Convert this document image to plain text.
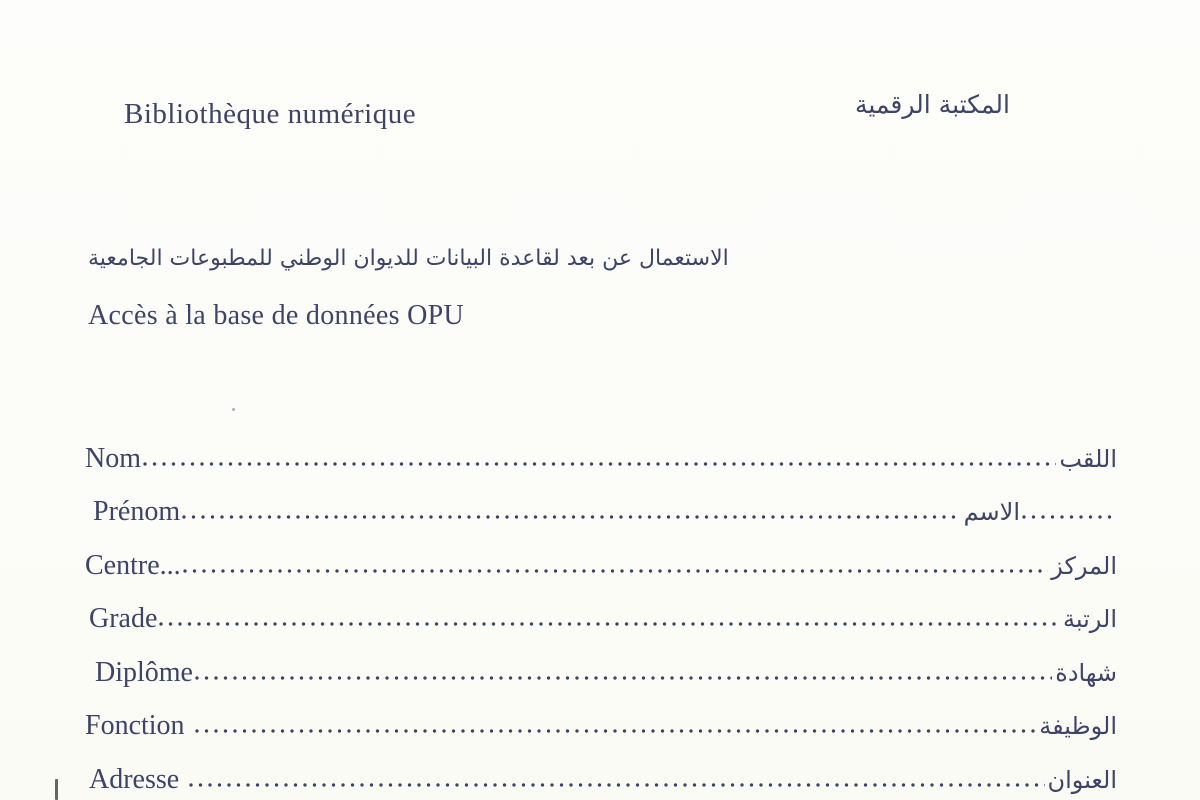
Bibliothèque numérique	المكتبة الرقمية
الاستعمال عن بعد لقاعدة البيانات للديوان الوطني للمطبوعات الجامعية
Accès à la base de données OPU
Nom	اللقب
Prénom	الاسم
Centre...	المركز
Grade	الرتبة
Diplôme	شهادة
Fonction	الوظيفة
Adresse	العنوان
